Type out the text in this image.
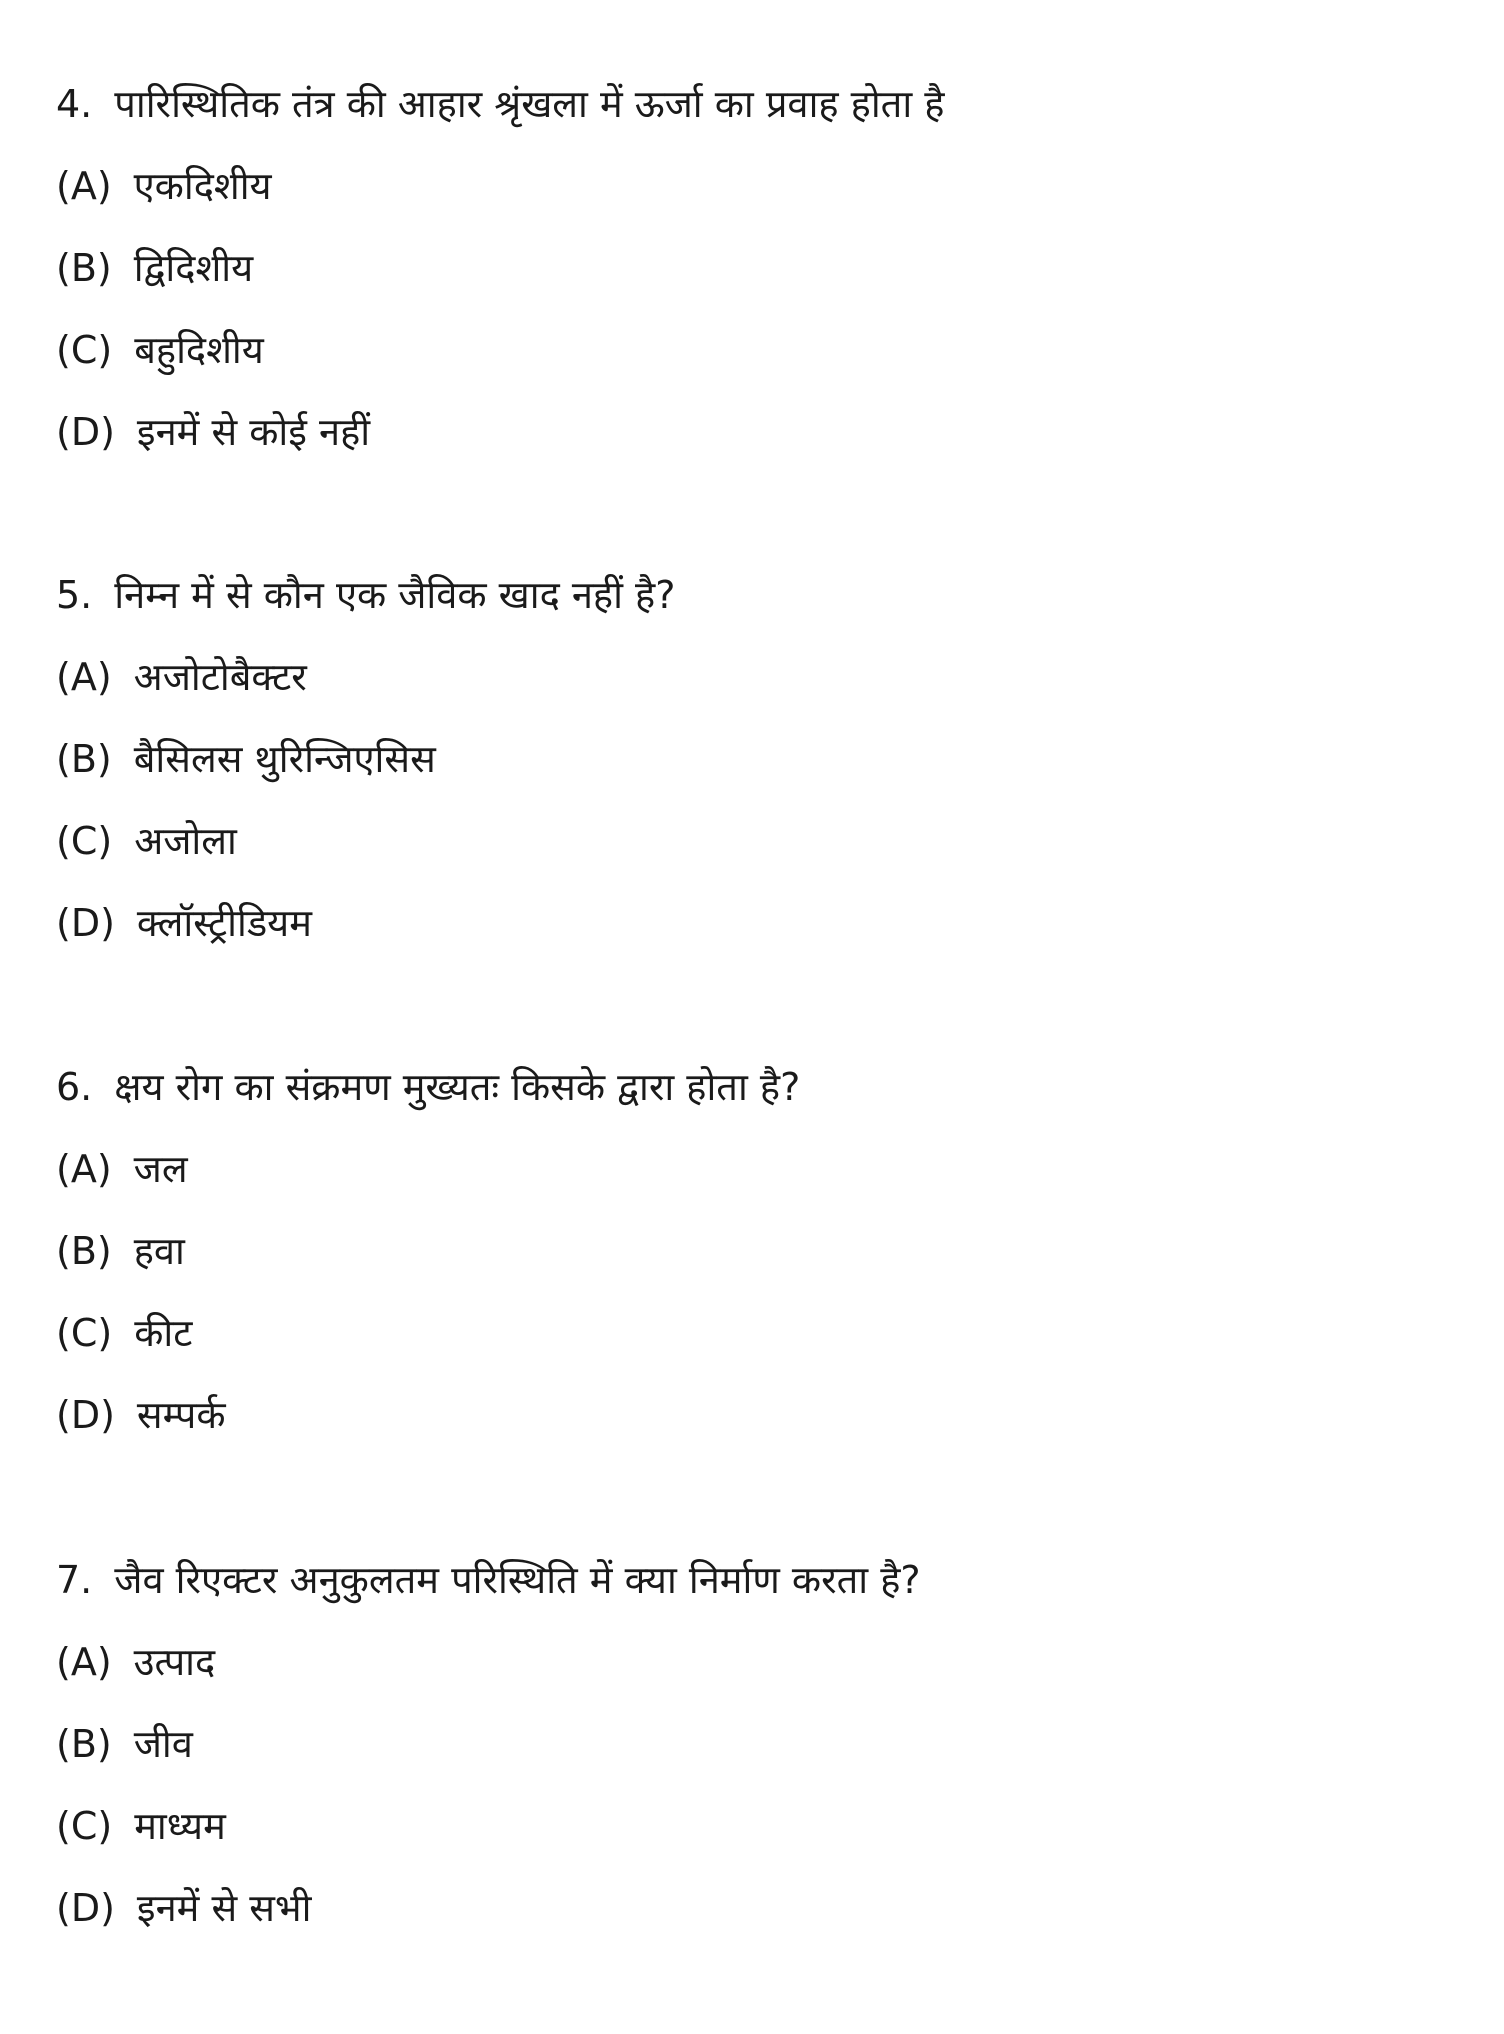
4. पारिस्थितिक तंत्र की आहार श्रृंखला में ऊर्जा का प्रवाह होता है
(A) एकदिशीय
(B) द्विदिशीय
(C) बहुदिशीय
(D) इनमें से कोई नहीं
5. निम्न में से कौन एक जैविक खाद नहीं है?
(A) अजोटोबैक्टर
(B) बैसिलस थुरिन्जिएसिस
(C) अजोला
(D) क्लॉस्ट्रीडियम
6. क्षय रोग का संक्रमण मुख्यतः किसके द्वारा होता है?
(A) जल
(B) हवा
(C) कीट
(D) सम्पर्क
7. जैव रिएक्टर अनुकुलतम परिस्थिति में क्या निर्माण करता है?
(A) उत्पाद
(B) जीव
(C) माध्यम
(D) इनमें से सभी
